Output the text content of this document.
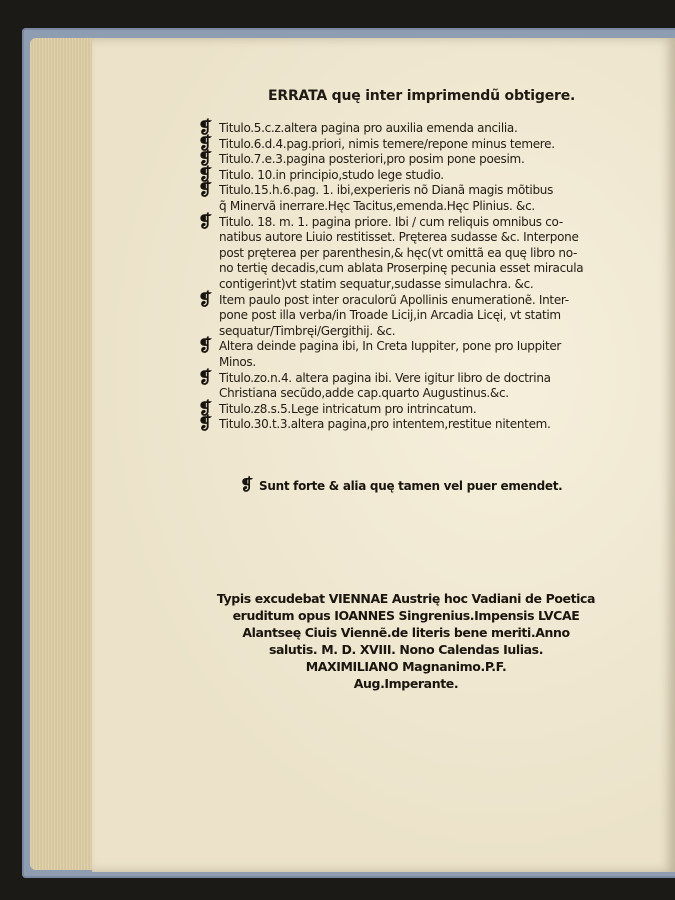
ERRATA quę inter imprimendũ obtigere.
❡ Titulo.5.c.z.altera pagina pro auxilia emenda ancilia.
❡ Titulo.6.d.4.pag.priori, nimis temere/repone minus temere.
❡ Titulo.7.e.3.pagina posteriori,pro posim pone poesim.
❡ Titulo. 10.in principio,studo lege studio.
❡ Titulo.15.h.6.pag. 1. ibi,experieris nõ Dianã magis mõtibus
q̃ Minervã inerrare.Hęc Tacitus,emenda.Hęc Plinius. &c.
❡ Titulo. 18. m. 1. pagina priore. Ibi / cum reliquis omnibus co-
natibus autore Liuio restitisset. Pręterea sudasse &c. Interpone
post pręterea per parenthesin,& hęc(vt omittã ea quę libro no-
no tertię decadis,cum ablata Proserpinę pecunia esset miracula
contigerint)vt statim sequatur,sudasse simulachra. &c.
❡ Item paulo post inter oraculorũ Apollinis enumerationẽ. Inter-
pone post illa verba/in Troade Licij,in Arcadia Licęi, vt statim
sequatur/Timbręi/Gergithij. &c.
❡ Altera deinde pagina ibi, In Creta Iuppiter, pone pro Iuppiter
Minos.
❡ Titulo.zo.n.4. altera pagina ibi. Vere igitur libro de doctrina
Christiana secũdo,adde cap.quarto Augustinus.&c.
❡ Titulo.z8.s.5.Lege intricatum pro intrincatum.
❡ Titulo.30.t.3.altera pagina,pro intentem,restitue nitentem.
❡ Sunt forte & alia quę tamen vel puer emendet.
Typis excudebat VIENNAE Austrię hoc Vadiani de Poetica
eruditum opus IOANNES Singrenius.Impensis LVCAE
Alantseę Ciuis Viennẽ.de literis bene meriti.Anno
salutis. M. D. XVIII. Nono Calendas Iulias.
MAXIMILIANO Magnanimo.P.F.
Aug.Imperante.
